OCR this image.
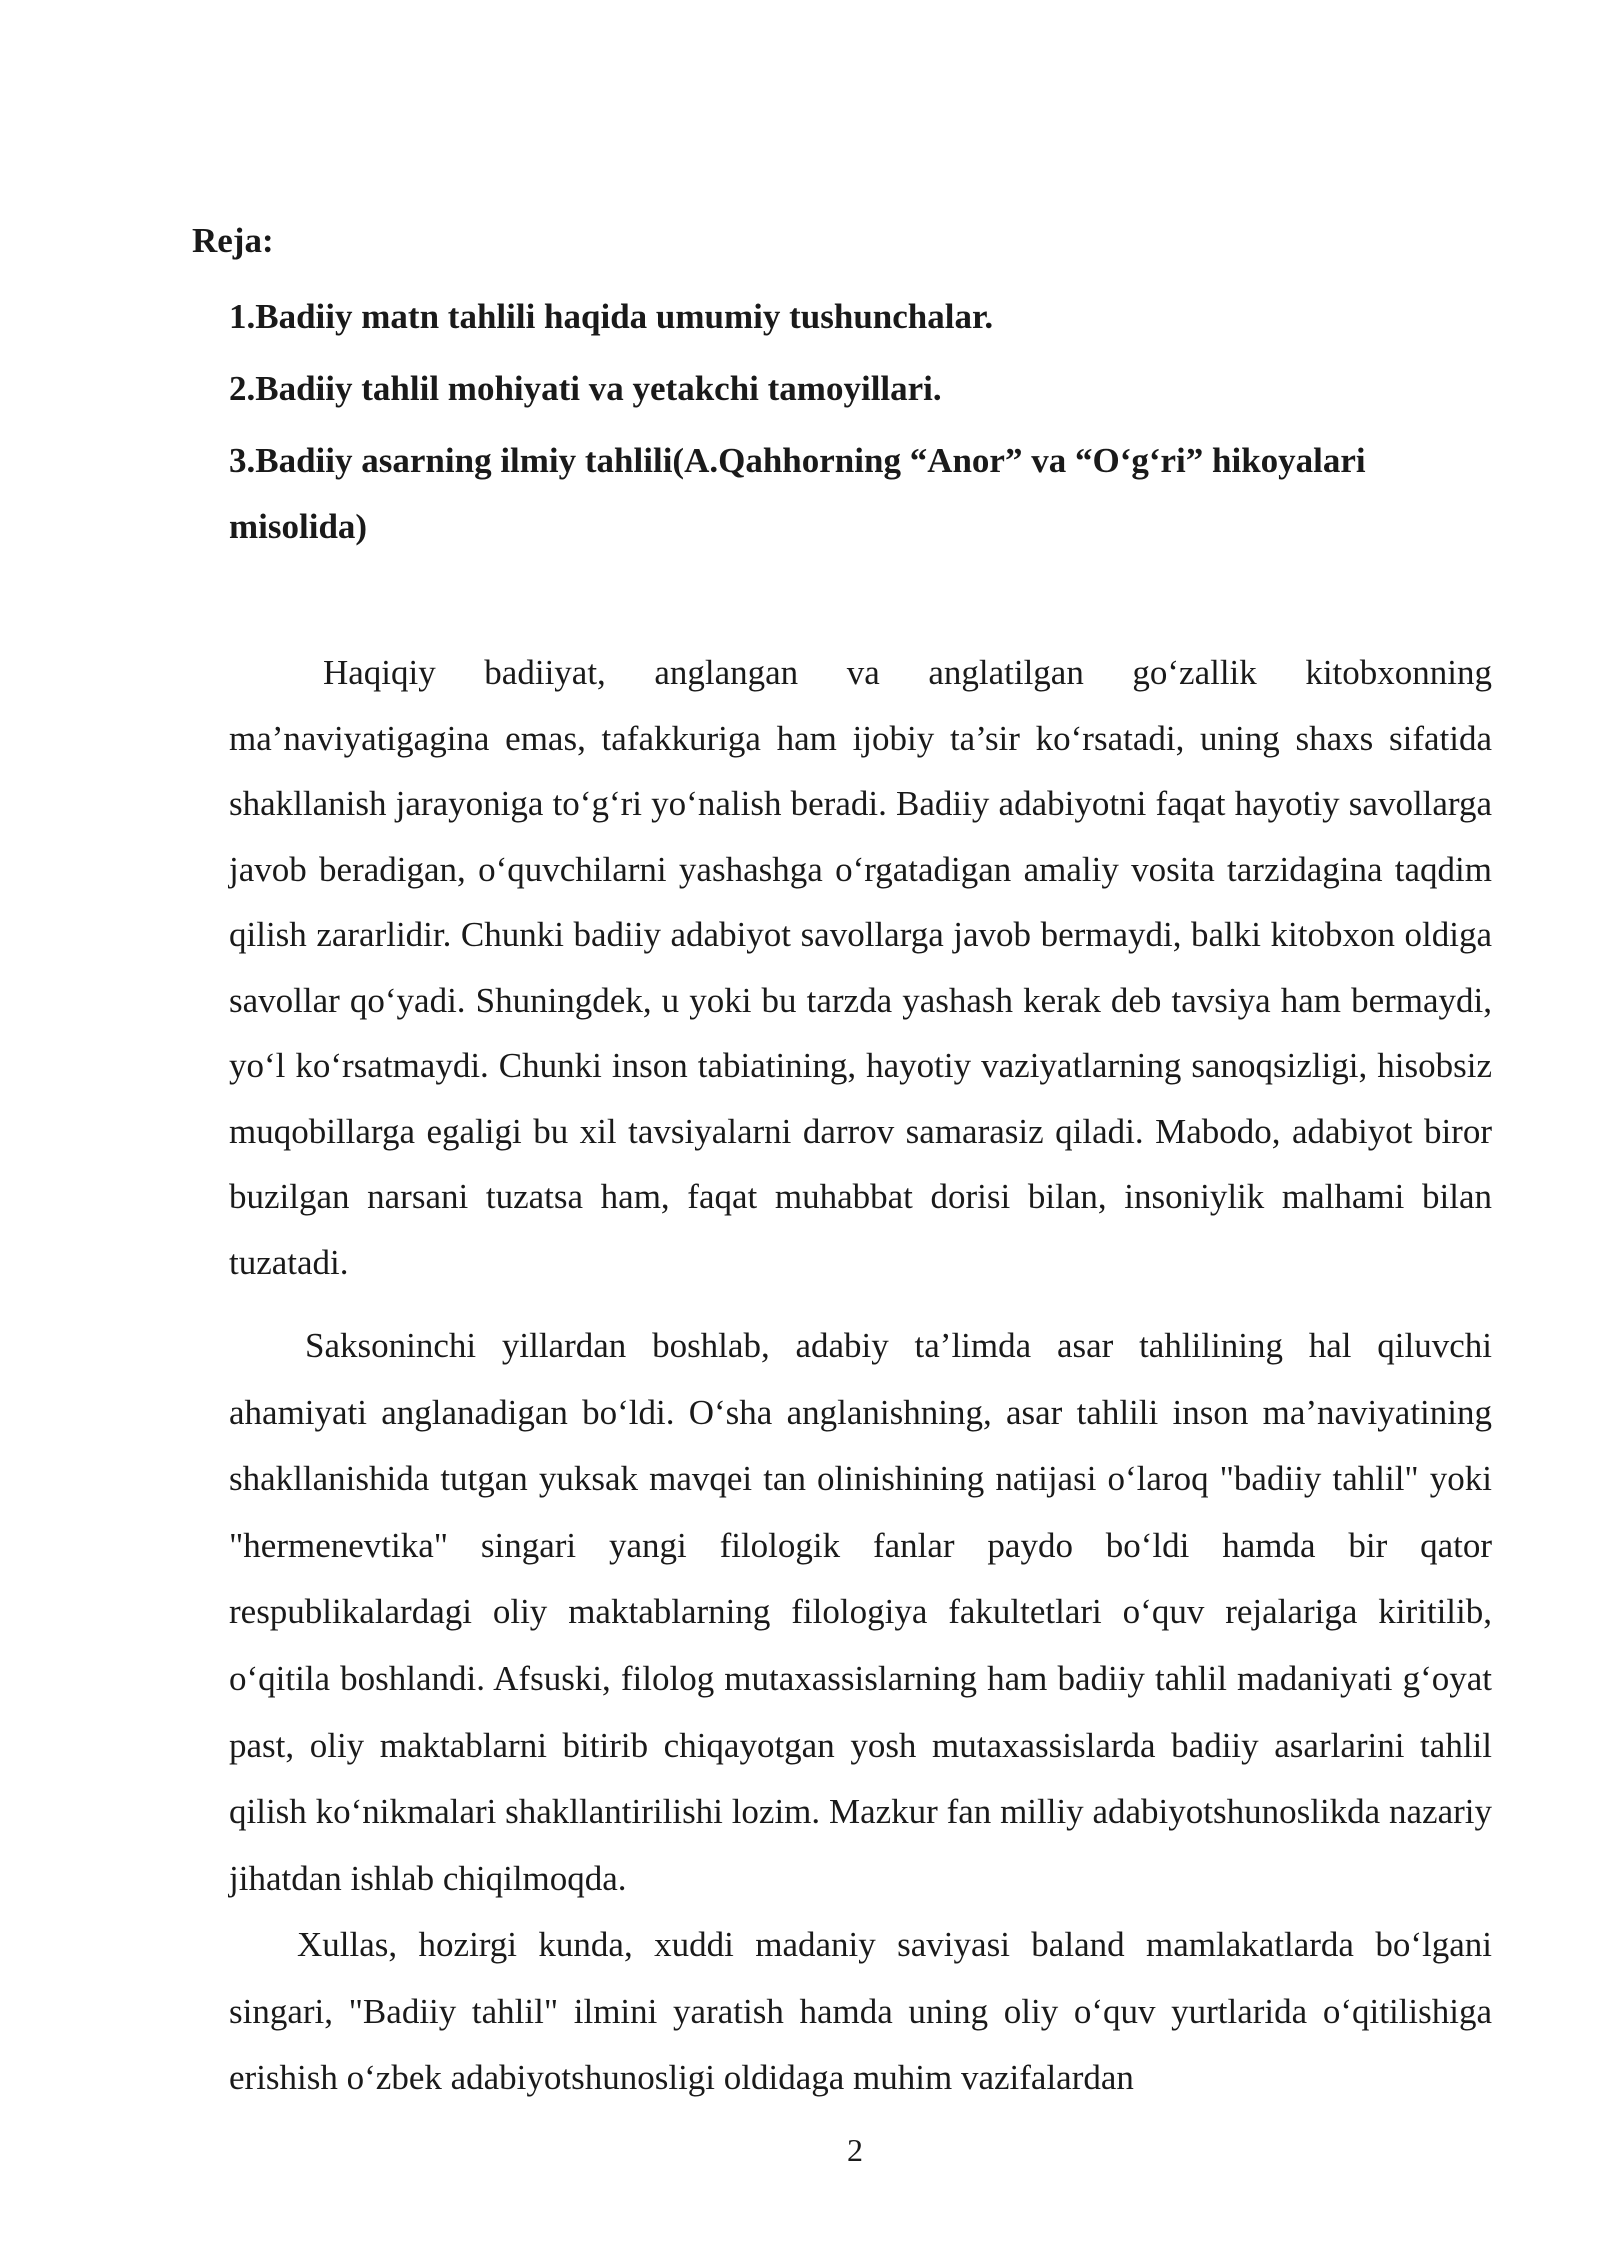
Reja:
1.Badiiy matn tahlili haqida umumiy tushunchalar.
2.Badiiy tahlil mohiyati va yetakchi tamoyillari.
3.Badiiy asarning ilmiy tahlili(A.Qahhorning “Anor” va “O‘g‘ri” hikoyalari misolida)

Haqiqiy badiiyat, anglangan va anglatilgan go‘zallik kitobxonning ma’naviyatigagina emas, tafakkuriga ham ijobiy ta’sir ko‘rsatadi, uning shaxs sifatida shakllanish jarayoniga to‘g‘ri yo‘nalish beradi. Badiiy adabiyotni faqat hayotiy savollarga javob beradigan, o‘quvchilarni yashashga o‘rgatadigan amaliy vosita tarzidagina taqdim qilish zararlidir. Chunki badiiy adabiyot savollarga javob bermaydi, balki kitobxon oldiga savollar qo‘yadi. Shuningdek, u yoki bu tarzda yashash kerak deb tavsiya ham bermaydi, yo‘l ko‘rsatmaydi. Chunki inson tabiatining, hayotiy vaziyatlarning sanoqsizligi, hisobsiz muqobillarga egaligi bu xil tavsiyalarni darrov samarasiz qiladi. Mabodo, adabiyot biror buzilgan narsani tuzatsa ham, faqat muhabbat dorisi bilan, insoniylik malhami bilan tuzatadi.

Saksoninchi yillardan boshlab, adabiy ta’limda asar tahlilining hal qiluvchi ahamiyati anglanadigan bo‘ldi. O‘sha anglanishning, asar tahlili inson ma’naviyatining shakllanishida tutgan yuksak mavqei tan olinishining natijasi o‘laroq "badiiy tahlil" yoki "hermenevtika" singari yangi filologik fanlar paydo bo‘ldi hamda bir qator respublikalardagi oliy maktablarning filologiya fakultetlari o‘quv rejalariga kiritilib, o‘qitila boshlandi. Afsuski, filolog mutaxassislarning ham badiiy tahlil madaniyati g‘oyat past, oliy maktablarni bitirib chiqayotgan yosh mutaxassislarda badiiy asarlarini tahlil qilish ko‘nikmalari shakllantirilishi lozim. Mazkur fan milliy adabiyotshunoslikda nazariy jihatdan ishlab chiqilmoqda.

Xullas, hozirgi kunda, xuddi madaniy saviyasi baland mamlakatlarda bo‘lgani singari, "Badiiy tahlil" ilmini yaratish hamda uning oliy o‘quv yurtlarida o‘qitilishiga erishish o‘zbek adabiyotshunosligi oldidaga muhim vazifalardan

2
